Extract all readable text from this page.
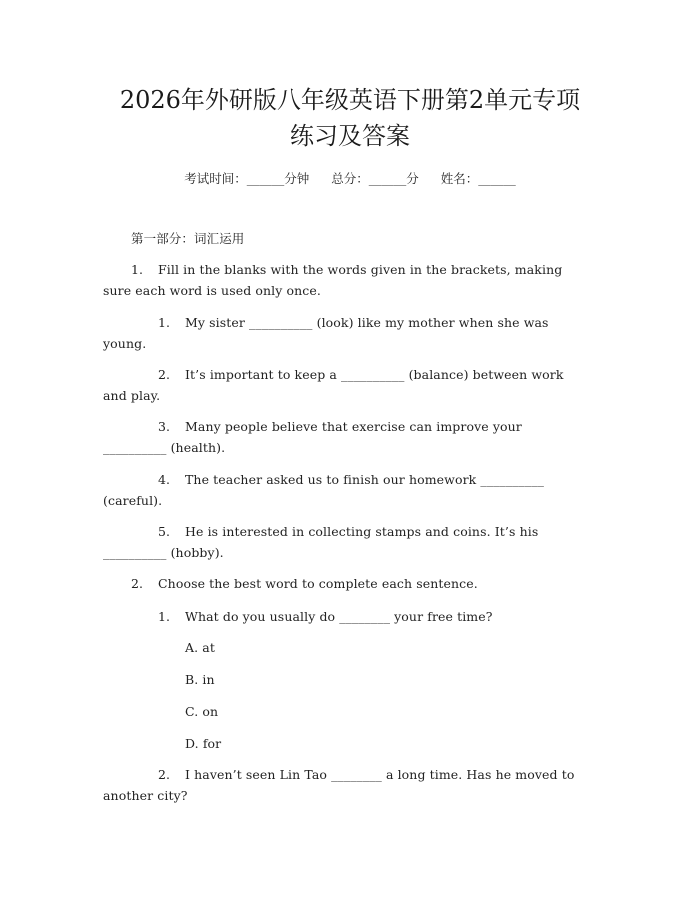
2026年外研版八年级英语下册第2单元专项
练习及答案
考试时间：______分钟 总分：______分 姓名：______
第一部分：词汇运用
1. Fill in the blanks with the words given in the brackets, making
sure each word is used only once.
1. My sister __________ (look) like my mother when she was
young.
2. It’s important to keep a __________ (balance) between work
and play.
3. Many people believe that exercise can improve your
__________ (health).
4. The teacher asked us to finish our homework __________
(careful).
5. He is interested in collecting stamps and coins. It’s his
__________ (hobby).
2. Choose the best word to complete each sentence.
1. What do you usually do ________ your free time?
A. at
B. in
C. on
D. for
2. I haven’t seen Lin Tao ________ a long time. Has he moved to
another city?
